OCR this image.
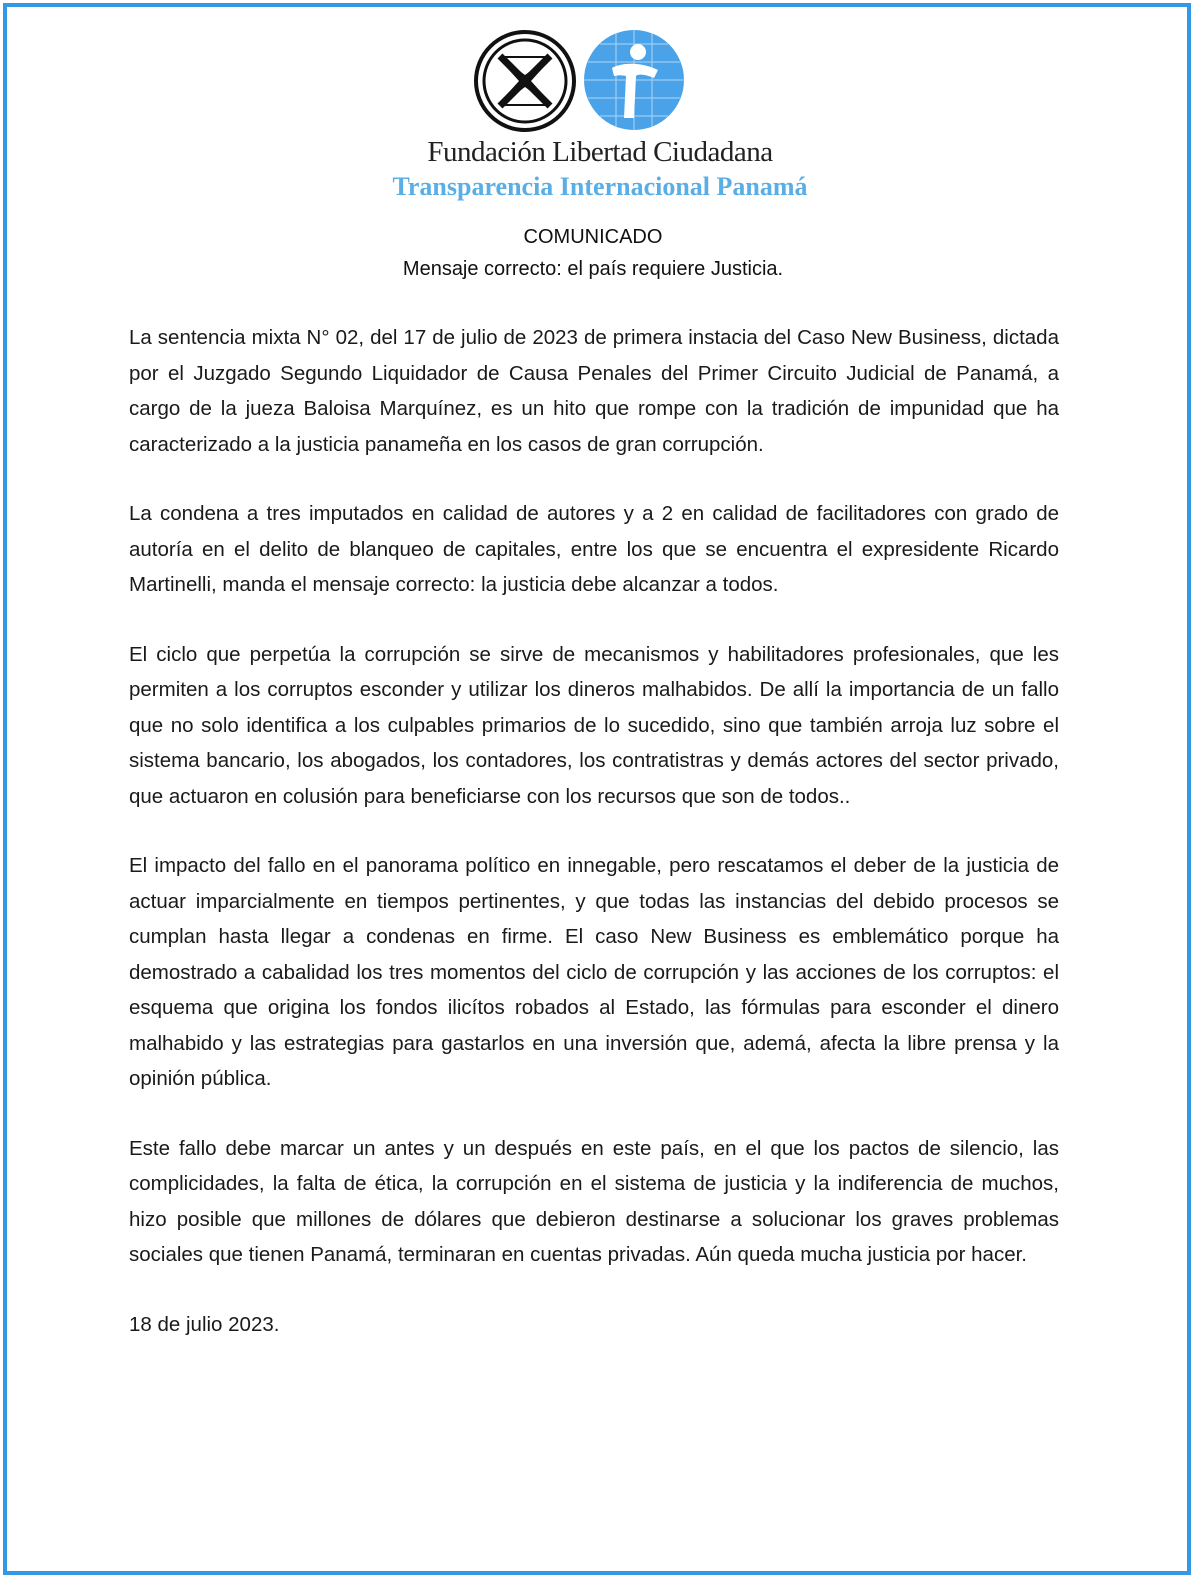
Fundación Libertad Ciudadana
Transparencia Internacional Panamá
COMUNICADO
Mensaje correcto: el país requiere Justicia.

La sentencia mixta N° 02, del 17 de julio de 2023 de primera instacia del Caso New Business, dictada por el Juzgado Segundo Liquidador de Causa Penales del Primer Circuito Judicial de Panamá, a cargo de la jueza Baloisa Marquínez, es un hito que rompe con la tradición de impunidad que ha caracterizado a la justicia panameña en los casos de gran corrupción.

La condena a tres imputados en calidad de autores y a 2 en calidad de facilitadores con grado de autoría en el delito de blanqueo de capitales, entre los que se encuentra el expresidente Ricardo Martinelli, manda el mensaje correcto: la justicia debe alcanzar a todos.

El ciclo que perpetúa la corrupción se sirve de mecanismos y habilitadores profesionales, que les permiten a los corruptos esconder y utilizar los dineros malhabidos. De allí la importancia de un fallo que no solo identifica a los culpables primarios de lo sucedido, sino que también arroja luz sobre el sistema bancario, los abogados, los contadores, los contratistras y demás actores del sector privado, que actuaron en colusión para beneficiarse con los recursos que son de todos..

El impacto del fallo en el panorama político en innegable, pero rescatamos el deber de la justicia de actuar imparcialmente en tiempos pertinentes, y que todas las instancias del debido procesos se cumplan hasta llegar a condenas en firme. El caso New Business es emblemático porque ha demostrado a cabalidad los tres momentos del ciclo de corrupción y las acciones de los corruptos: el esquema que origina los fondos ilicítos robados al Estado, las fórmulas para esconder el dinero malhabido y las estrategias para gastarlos en una inversión que, ademá, afecta la libre prensa y la opinión pública.

Este fallo debe marcar un antes y un después en este país, en el que los pactos de silencio, las complicidades, la falta de ética, la corrupción en el sistema de justicia y la indiferencia de muchos, hizo posible que millones de dólares que debieron destinarse a solucionar los graves problemas sociales que tienen Panamá, terminaran en cuentas privadas. Aún queda mucha justicia por hacer.

18 de julio 2023.
